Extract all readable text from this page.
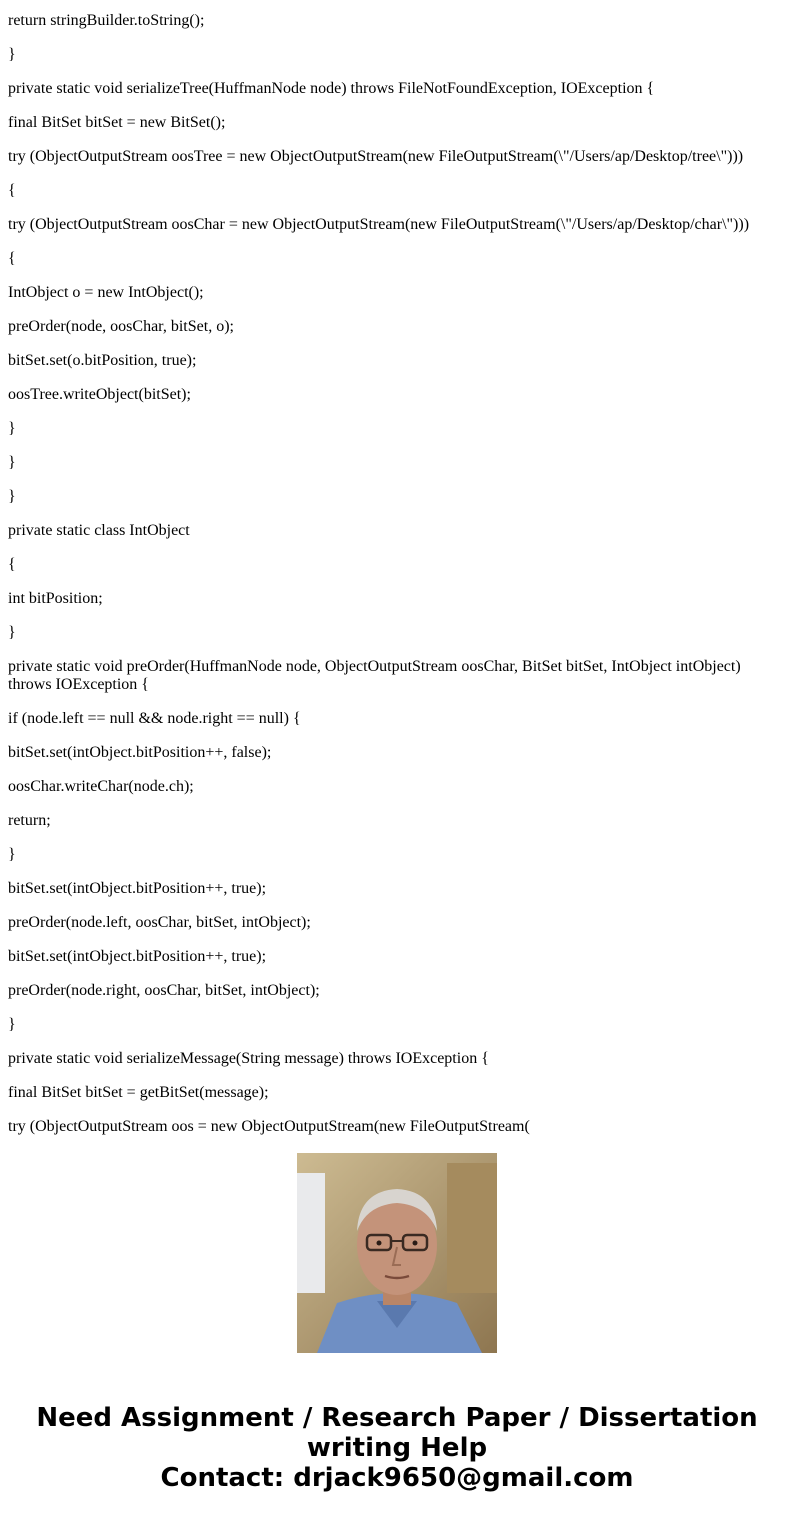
return stringBuilder.toString();

}

private static void serializeTree(HuffmanNode node) throws FileNotFoundException, IOException {

final BitSet bitSet = new BitSet();

try (ObjectOutputStream oosTree = new ObjectOutputStream(new FileOutputStream(\"/Users/ap/Desktop/tree\")))

{

try (ObjectOutputStream oosChar = new ObjectOutputStream(new FileOutputStream(\"/Users/ap/Desktop/char\")))

{

IntObject o = new IntObject();

preOrder(node, oosChar, bitSet, o);

bitSet.set(o.bitPosition, true);

oosTree.writeObject(bitSet);

}

}

}

private static class IntObject

{

int bitPosition;

}

private static void preOrder(HuffmanNode node, ObjectOutputStream oosChar, BitSet bitSet, IntObject intObject) throws IOException {

if (node.left == null && node.right == null) {

bitSet.set(intObject.bitPosition++, false);

oosChar.writeChar(node.ch);

return;

}

bitSet.set(intObject.bitPosition++, true);

preOrder(node.left, oosChar, bitSet, intObject);

bitSet.set(intObject.bitPosition++, true);

preOrder(node.right, oosChar, bitSet, intObject);

}

private static void serializeMessage(String message) throws IOException {

final BitSet bitSet = getBitSet(message);

try (ObjectOutputStream oos = new ObjectOutputStream(new FileOutputStream(

Need Assignment / Research Paper / Dissertation
writing Help
Contact: drjack9650@gmail.com
